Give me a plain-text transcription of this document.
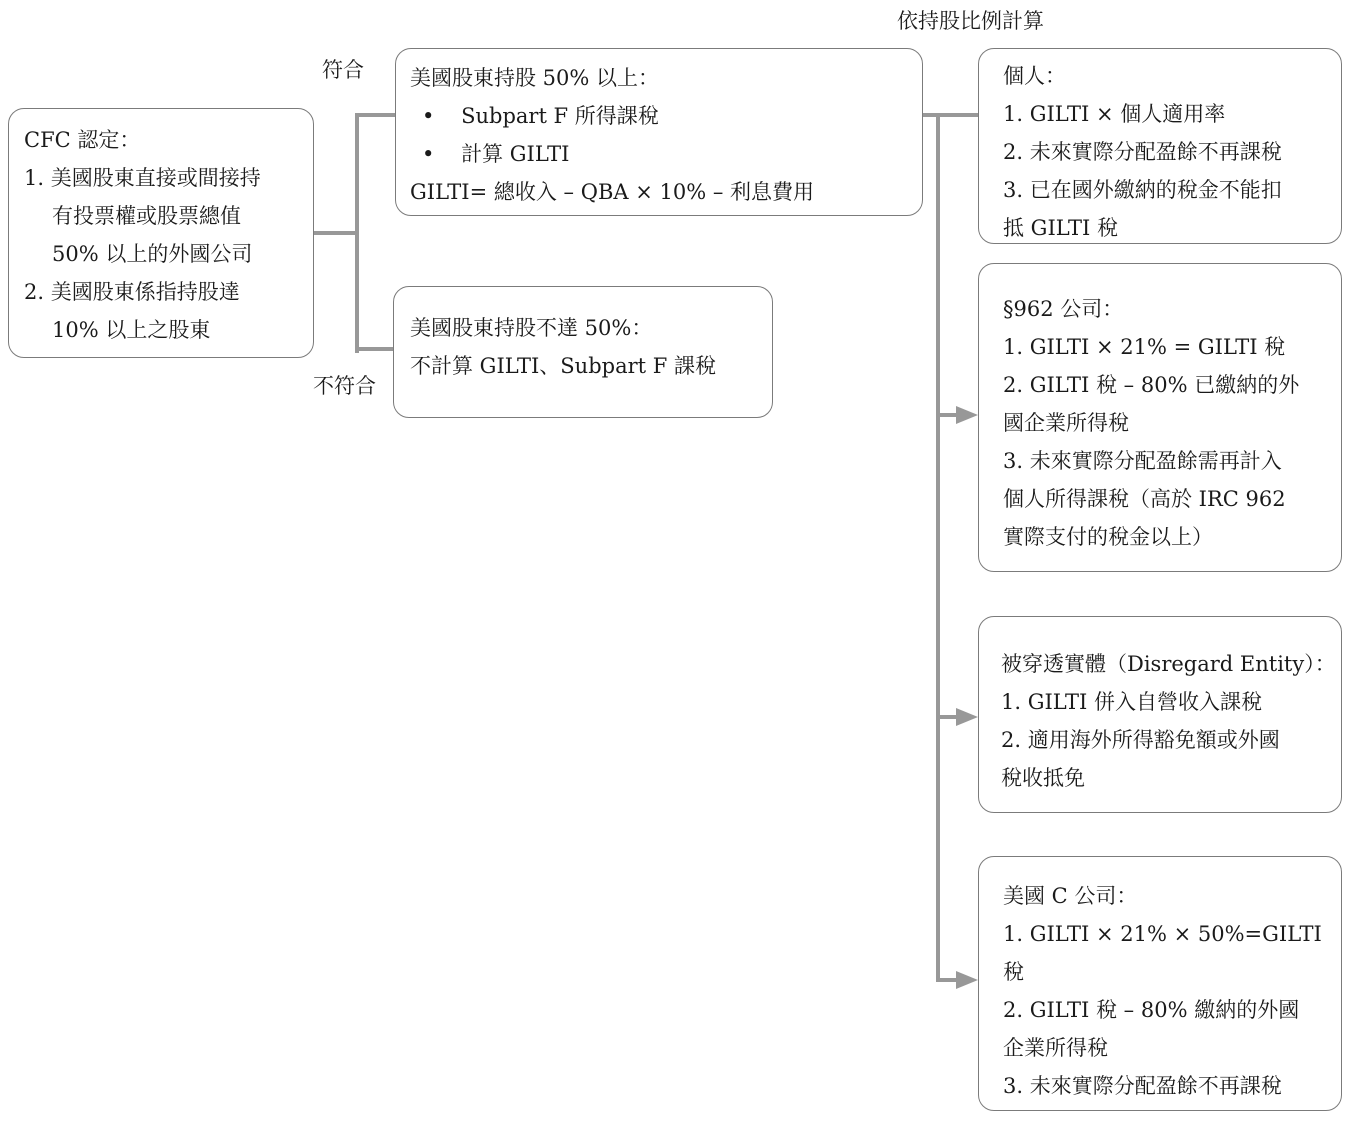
依持股比例計算
符合
不符合
CFC 認定：
1. 美國股東直接或間接持
有投票權或股票總值
50% 以上的外國公司
2. 美國股東係指持股達
10% 以上之股東
美國股東持股 50% 以上：
•    Subpart F 所得課稅
•    計算 GILTI
GILTI= 總收入 – QBA × 10% – 利息費用
美國股東持股不達 50%：
不計算 GILTI、Subpart F 課稅
個人：
1. GILTI × 個人適用率
2. 未來實際分配盈餘不再課稅
3. 已在國外繳納的稅金不能扣
抵 GILTI 稅
§962 公司：
1. GILTI × 21% = GILTI 稅
2. GILTI 稅 – 80% 已繳納的外
國企業所得稅
3. 未來實際分配盈餘需再計入
個人所得課稅（高於 IRC 962
實際支付的稅金以上）
被穿透實體（Disregard Entity）：
1. GILTI 併入自營收入課稅
2. 適用海外所得豁免額或外國
稅收抵免
美國 C 公司：
1. GILTI × 21% × 50%=GILTI
稅
2. GILTI 稅 – 80% 繳納的外國
企業所得稅
3. 未來實際分配盈餘不再課稅
